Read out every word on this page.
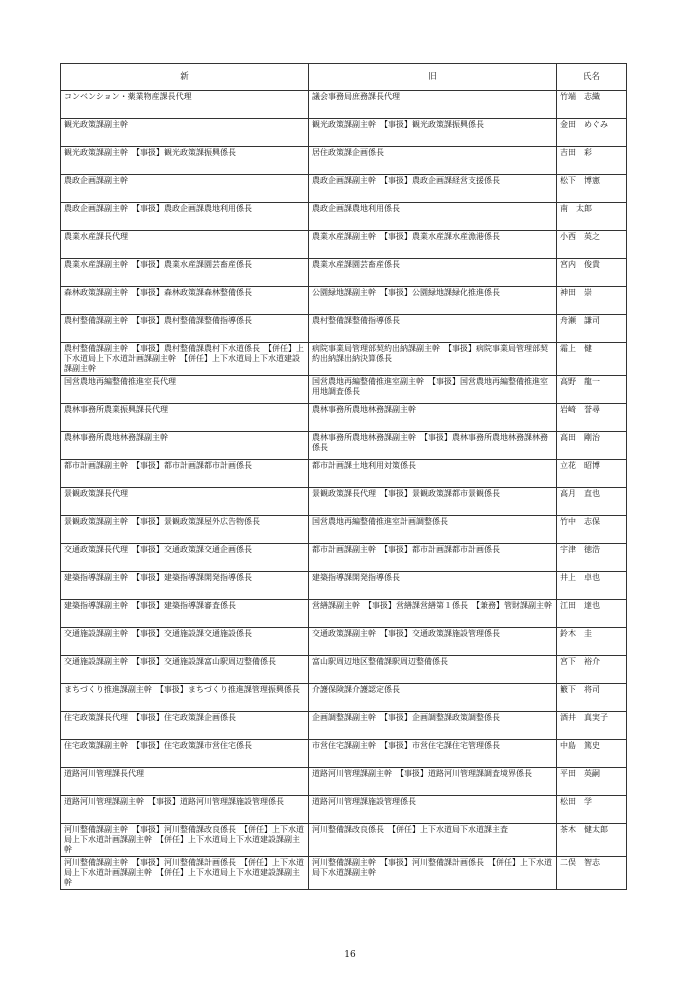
新	旧	氏名
コンベンション・薬業物産課長代理	議会事務局庶務課長代理	竹端　志織
観光政策課副主幹	観光政策課副主幹　【事扱】観光政策課振興係長	金田　めぐみ
観光政策課副主幹　【事扱】観光政策課振興係長	居住政策課企画係長	吉田　彩
農政企画課副主幹	農政企画課副主幹　【事扱】農政企画課経営支援係長	松下　博憲
農政企画課副主幹　【事扱】農政企画課農地利用係長	農政企画課農地利用係長	南　太郎
農業水産課長代理	農業水産課副主幹　【事扱】農業水産課水産漁港係長	小西　英之
農業水産課副主幹　【事扱】農業水産課園芸畜産係長	農業水産課園芸畜産係長	宮内　俊貴
森林政策課副主幹　【事扱】森林政策課森林整備係長	公園緑地課副主幹　【事扱】公園緑地課緑化推進係長	神田　崇
農村整備課副主幹　【事扱】農村整備課整備指導係長	農村整備課整備指導係長	舟瀬　謙司
農村整備課副主幹　【事扱】農村整備課農村下水道係長　【併任】上下水道局上下水道計画課副主幹　【併任】上下水道局上下水道建設課副主幹	病院事業局管理部契約出納課副主幹　【事扱】病院事業局管理部契約出納課出納決算係長	霜上　健
国営農地再編整備推進室長代理	国営農地再編整備推進室副主幹　【事扱】国営農地再編整備推進室用地調査係長	高野　龍一
農林事務所農業振興課長代理	農林事務所農地林務課副主幹	岩崎　誉尋
農林事務所農地林務課副主幹	農林事務所農地林務課副主幹　【事扱】農林事務所農地林務課林務係長	高田　剛治
都市計画課副主幹　【事扱】都市計画課都市計画係長	都市計画課土地利用対策係長	立花　昭博
景観政策課長代理	景観政策課長代理　【事扱】景観政策課都市景観係長	高月　直也
景観政策課副主幹　【事扱】景観政策課屋外広告物係長	国営農地再編整備推進室計画調整係長	竹中　志保
交通政策課長代理　【事扱】交通政策課交通企画係長	都市計画課副主幹　【事扱】都市計画課都市計画係長	宇津　徳浩
建築指導課副主幹　【事扱】建築指導課開発指導係長	建築指導課開発指導係長	井上　卓也
建築指導課副主幹　【事扱】建築指導課審査係長	営繕課副主幹　【事扱】営繕課営繕第１係長　【兼務】管財課副主幹	江田　達也
交通施設課副主幹　【事扱】交通施設課交通施設係長	交通政策課副主幹　【事扱】交通政策課施設管理係長	鈴木　圭
交通施設課副主幹　【事扱】交通施設課富山駅周辺整備係長	富山駅周辺地区整備課駅周辺整備係長	宮下　裕介
まちづくり推進課副主幹　【事扱】まちづくり推進課管理振興係長	介護保険課介護認定係長	籔下　将司
住宅政策課長代理　【事扱】住宅政策課企画係長	企画調整課副主幹　【事扱】企画調整課政策調整係長	酒井　真実子
住宅政策課副主幹　【事扱】住宅政策課市営住宅係長	市営住宅課副主幹　【事扱】市営住宅課住宅管理係長	中島　篤史
道路河川管理課長代理	道路河川管理課副主幹　【事扱】道路河川管理課調査境界係長	平田　英嗣
道路河川管理課副主幹　【事扱】道路河川管理課施設管理係長	道路河川管理課施設管理係長	松田　学
河川整備課副主幹　【事扱】河川整備課改良係長　【併任】上下水道局上下水道計画課副主幹　【併任】上下水道局上下水道建設課副主幹	河川整備課改良係長　【併任】上下水道局下水道課主査	茶木　健太郎
河川整備課副主幹　【事扱】河川整備課計画係長　【併任】上下水道局上下水道計画課副主幹　【併任】上下水道局上下水道建設課副主幹	河川整備課副主幹　【事扱】河川整備課計画係長　【併任】上下水道局下水道課副主幹	二俣　智志
16
